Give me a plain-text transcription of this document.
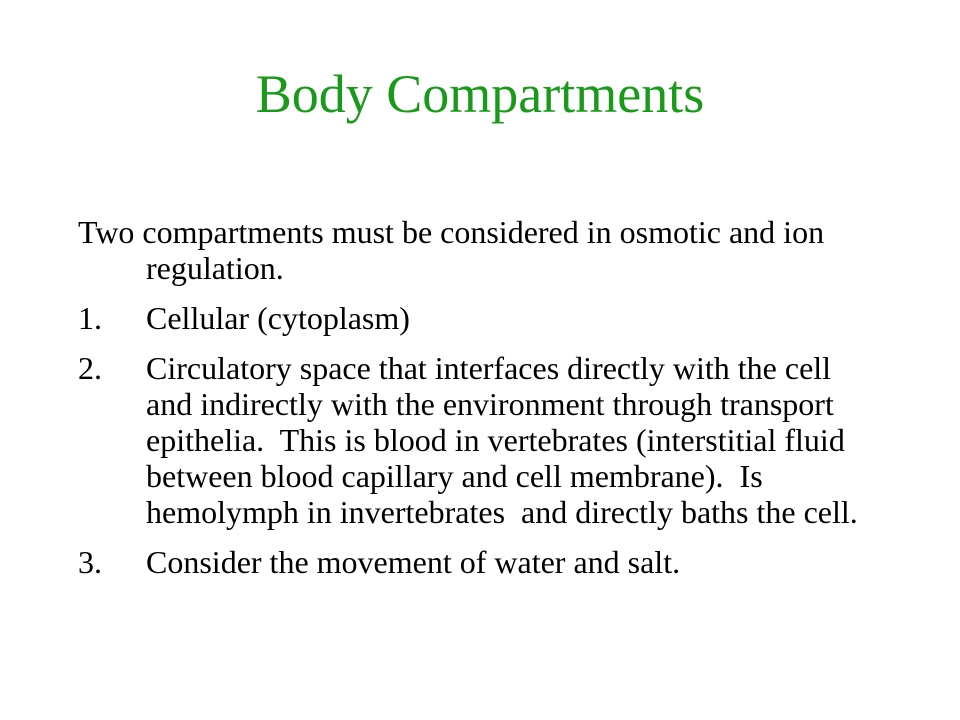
Body Compartments

Two compartments must be considered in osmotic and ion regulation.

1.	Cellular (cytoplasm)
2.	Circulatory space that interfaces directly with the cell and indirectly with the environment through transport epithelia.  This is blood in vertebrates (interstitial fluid between blood capillary and cell membrane).  Is hemolymph in invertebrates  and directly baths the cell.
3.	Consider the movement of water and salt.
